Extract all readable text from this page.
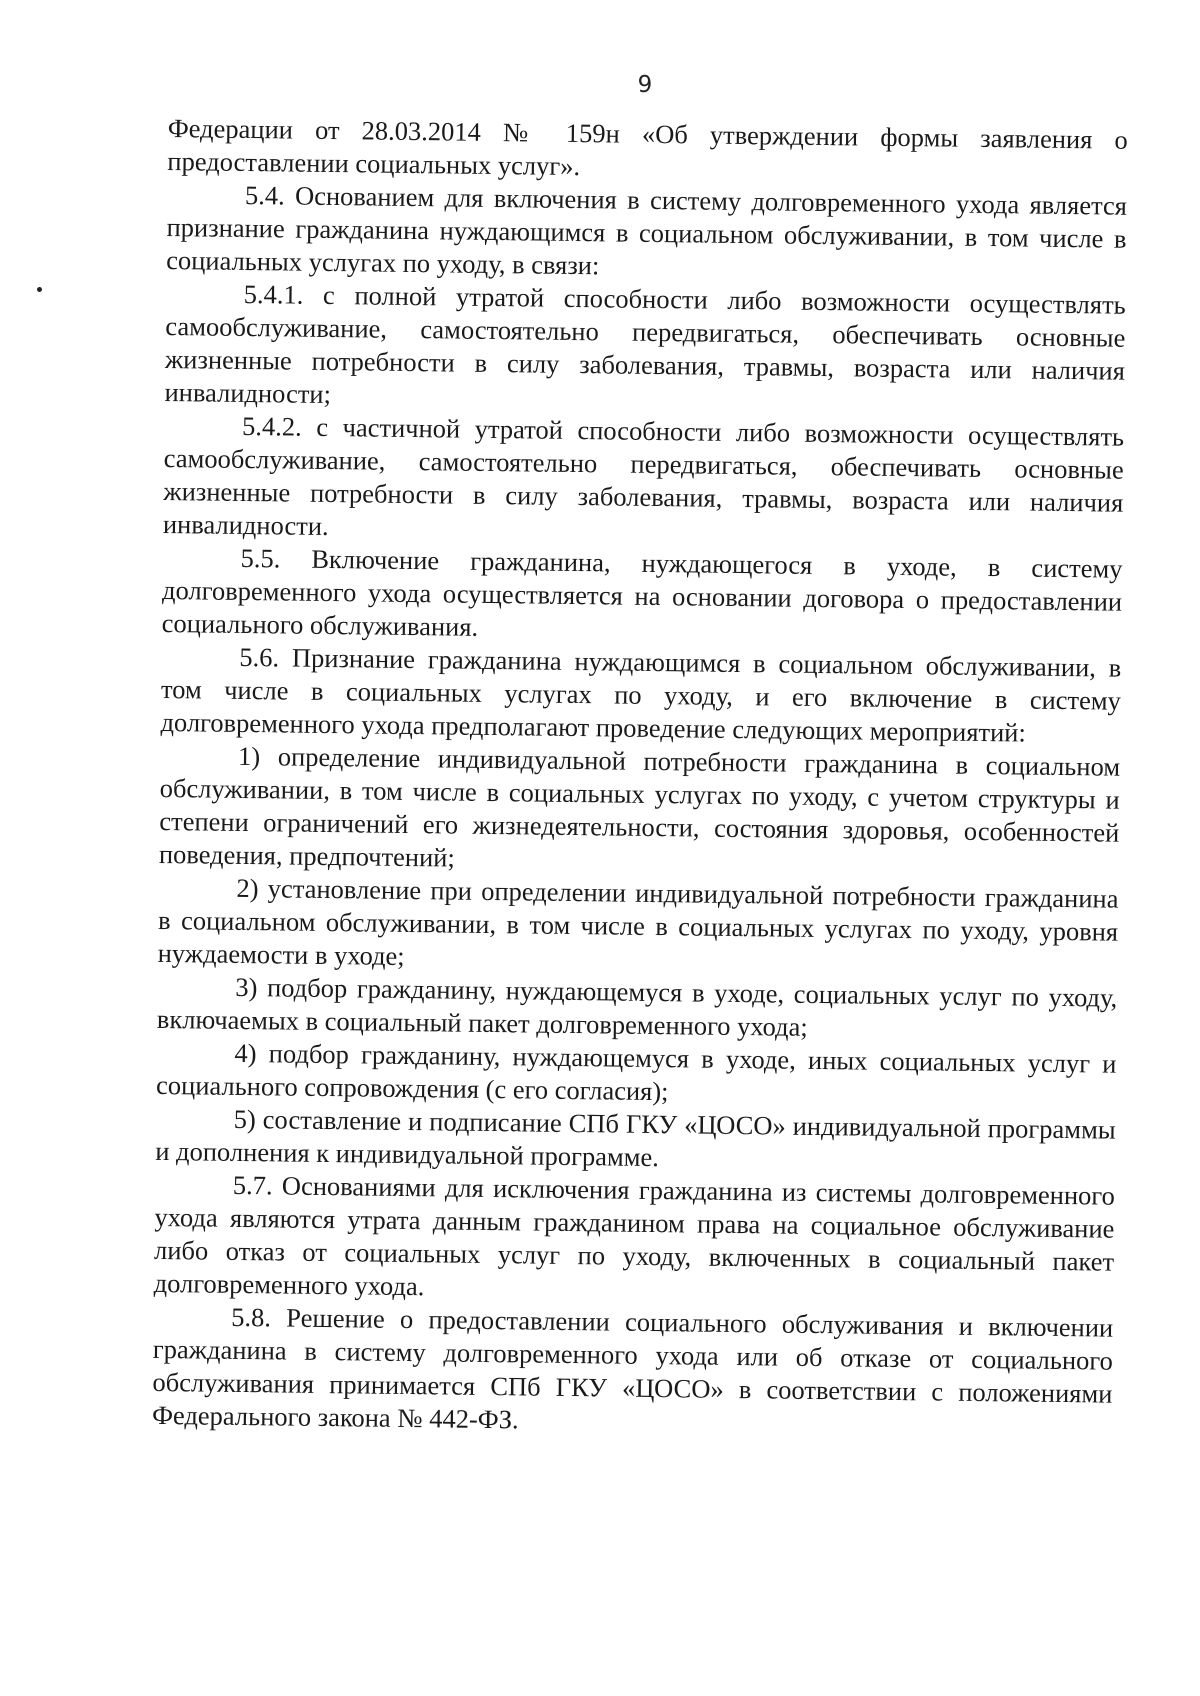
9

Федерации от 28.03.2014 № 159н «Об утверждении формы заявления о предоставлении социальных услуг».

5.4. Основанием для включения в систему долговременного ухода является признание гражданина нуждающимся в социальном обслуживании, в том числе в социальных услугах по уходу, в связи:

5.4.1. с полной утратой способности либо возможности осуществлять самообслуживание, самостоятельно передвигаться, обеспечивать основные жизненные потребности в силу заболевания, травмы, возраста или наличия инвалидности;

5.4.2. с частичной утратой способности либо возможности осуществлять самообслуживание, самостоятельно передвигаться, обеспечивать основные жизненные потребности в силу заболевания, травмы, возраста или наличия инвалидности.

5.5. Включение гражданина, нуждающегося в уходе, в систему долговременного ухода осуществляется на основании договора о предоставлении социального обслуживания.

5.6. Признание гражданина нуждающимся в социальном обслуживании, в том числе в социальных услугах по уходу, и его включение в систему долговременного ухода предполагают проведение следующих мероприятий:

1) определение индивидуальной потребности гражданина в социальном обслуживании, в том числе в социальных услугах по уходу, с учетом структуры и степени ограничений его жизнедеятельности, состояния здоровья, особенностей поведения, предпочтений;

2) установление при определении индивидуальной потребности гражданина в социальном обслуживании, в том числе в социальных услугах по уходу, уровня нуждаемости в уходе;

3) подбор гражданину, нуждающемуся в уходе, социальных услуг по уходу, включаемых в социальный пакет долговременного ухода;

4) подбор гражданину, нуждающемуся в уходе, иных социальных услуг и социального сопровождения (с его согласия);

5) составление и подписание СПб ГКУ «ЦОСО» индивидуальной программы и дополнения к индивидуальной программе.

5.7. Основаниями для исключения гражданина из системы долговременного ухода являются утрата данным гражданином права на социальное обслуживание либо отказ от социальных услуг по уходу, включенных в социальный пакет долговременного ухода.

5.8. Решение о предоставлении социального обслуживания и включении гражданина в систему долговременного ухода или об отказе от социального обслуживания принимается СПб ГКУ «ЦОСО» в соответствии с положениями Федерального закона № 442-ФЗ.
